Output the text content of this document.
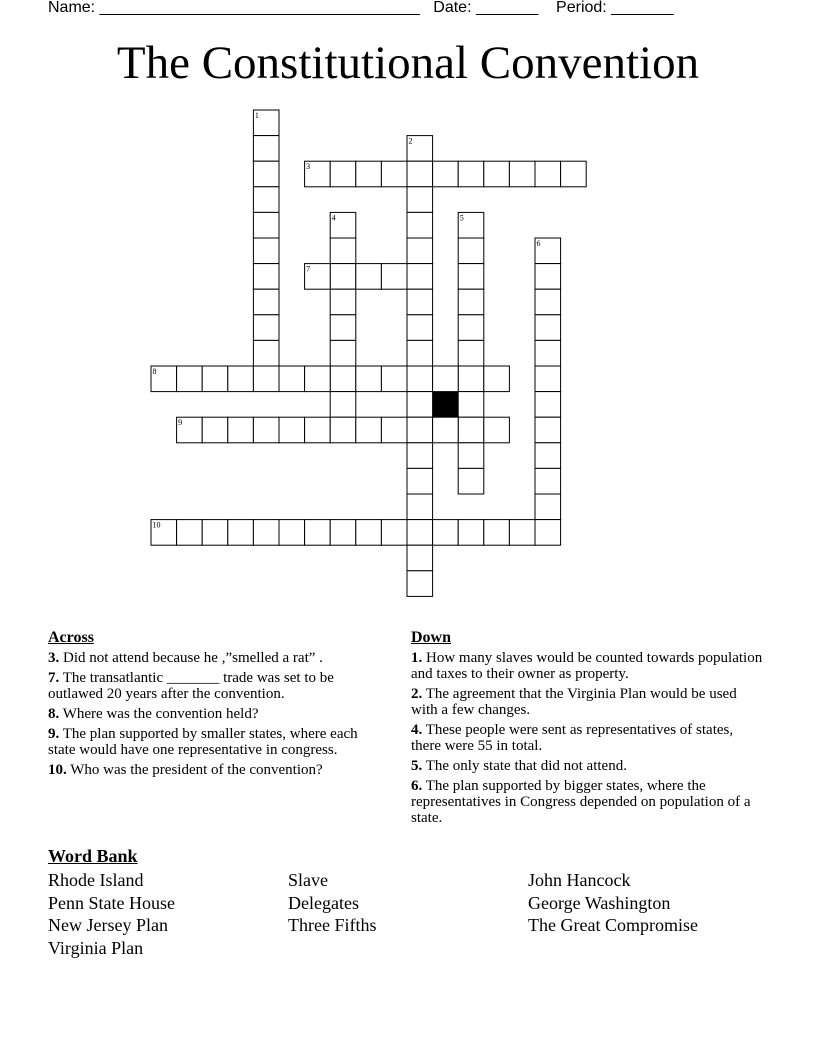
Name: ____________________________________ Date: _______ Period: _______
The Constitutional Convention
1
2
3
4	5
6
7
8
9
10
Across
3. Did not attend because he ,”smelled a rat” .
7. The transatlantic _______ trade was set to be outlawed 20 years after the convention.
8. Where was the convention held?
9. The plan supported by smaller states, where each state would have one representative in congress.
10. Who was the president of the convention?
Down
1. How many slaves would be counted towards population and taxes to their owner as property.
2. The agreement that the Virginia Plan would be used with a few changes.
4. These people were sent as representatives of states, there were 55 in total.
5. The only state that did not attend.
6. The plan supported by bigger states, where the representatives in Congress depended on population of a state.
Word Bank
Rhode Island	Slave	John Hancock
Penn State House	Delegates	George Washington
New Jersey Plan	Three Fifths	The Great Compromise
Virginia Plan
